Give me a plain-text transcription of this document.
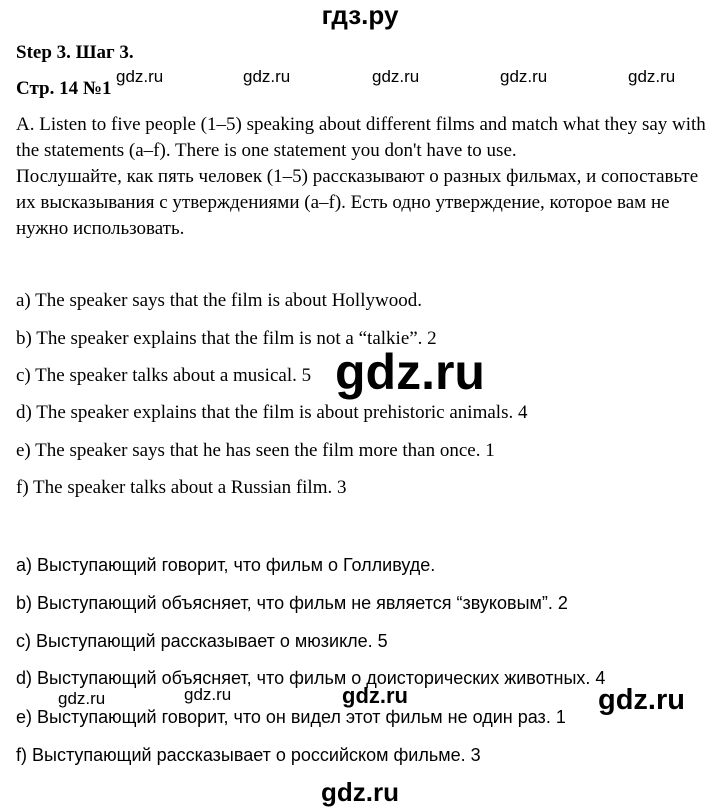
гдз.ру
Step 3. Шаг 3.
Стр. 14 №1
gdz.ru	gdz.ru	gdz.ru	gdz.ru	gdz.ru

A. Listen to five people (1–5) speaking about different films and match what they say with the statements (a–f). There is one statement you don't have to use.

Послушайте, как пять человек (1–5) рассказывают о разных фильмах, и сопоставьте их высказывания с утверждениями (a–f). Есть одно утверждение, которое вам не нужно использовать.

a) The speaker says that the film is about Hollywood.
b) The speaker explains that the film is not a “talkie”. 2
c) The speaker talks about a musical. 5
d) The speaker explains that the film is about prehistoric animals. 4
e) The speaker says that he has seen the film more than once. 1
f) The speaker talks about a Russian film. 3
gdz.ru
a) Выступающий говорит, что фильм о Голливуде.
b) Выступающий объясняет, что фильм не является “звуковым”. 2
c) Выступающий рассказывает о мюзикле. 5
d) Выступающий объясняет, что фильм о доисторических животных. 4
e) Выступающий говорит, что он видел этот фильм не один раз. 1
f) Выступающий рассказывает о российском фильме. 3
gdz.ru	gdz.ru	gdz.ru	gdz.ru
gdz.ru
